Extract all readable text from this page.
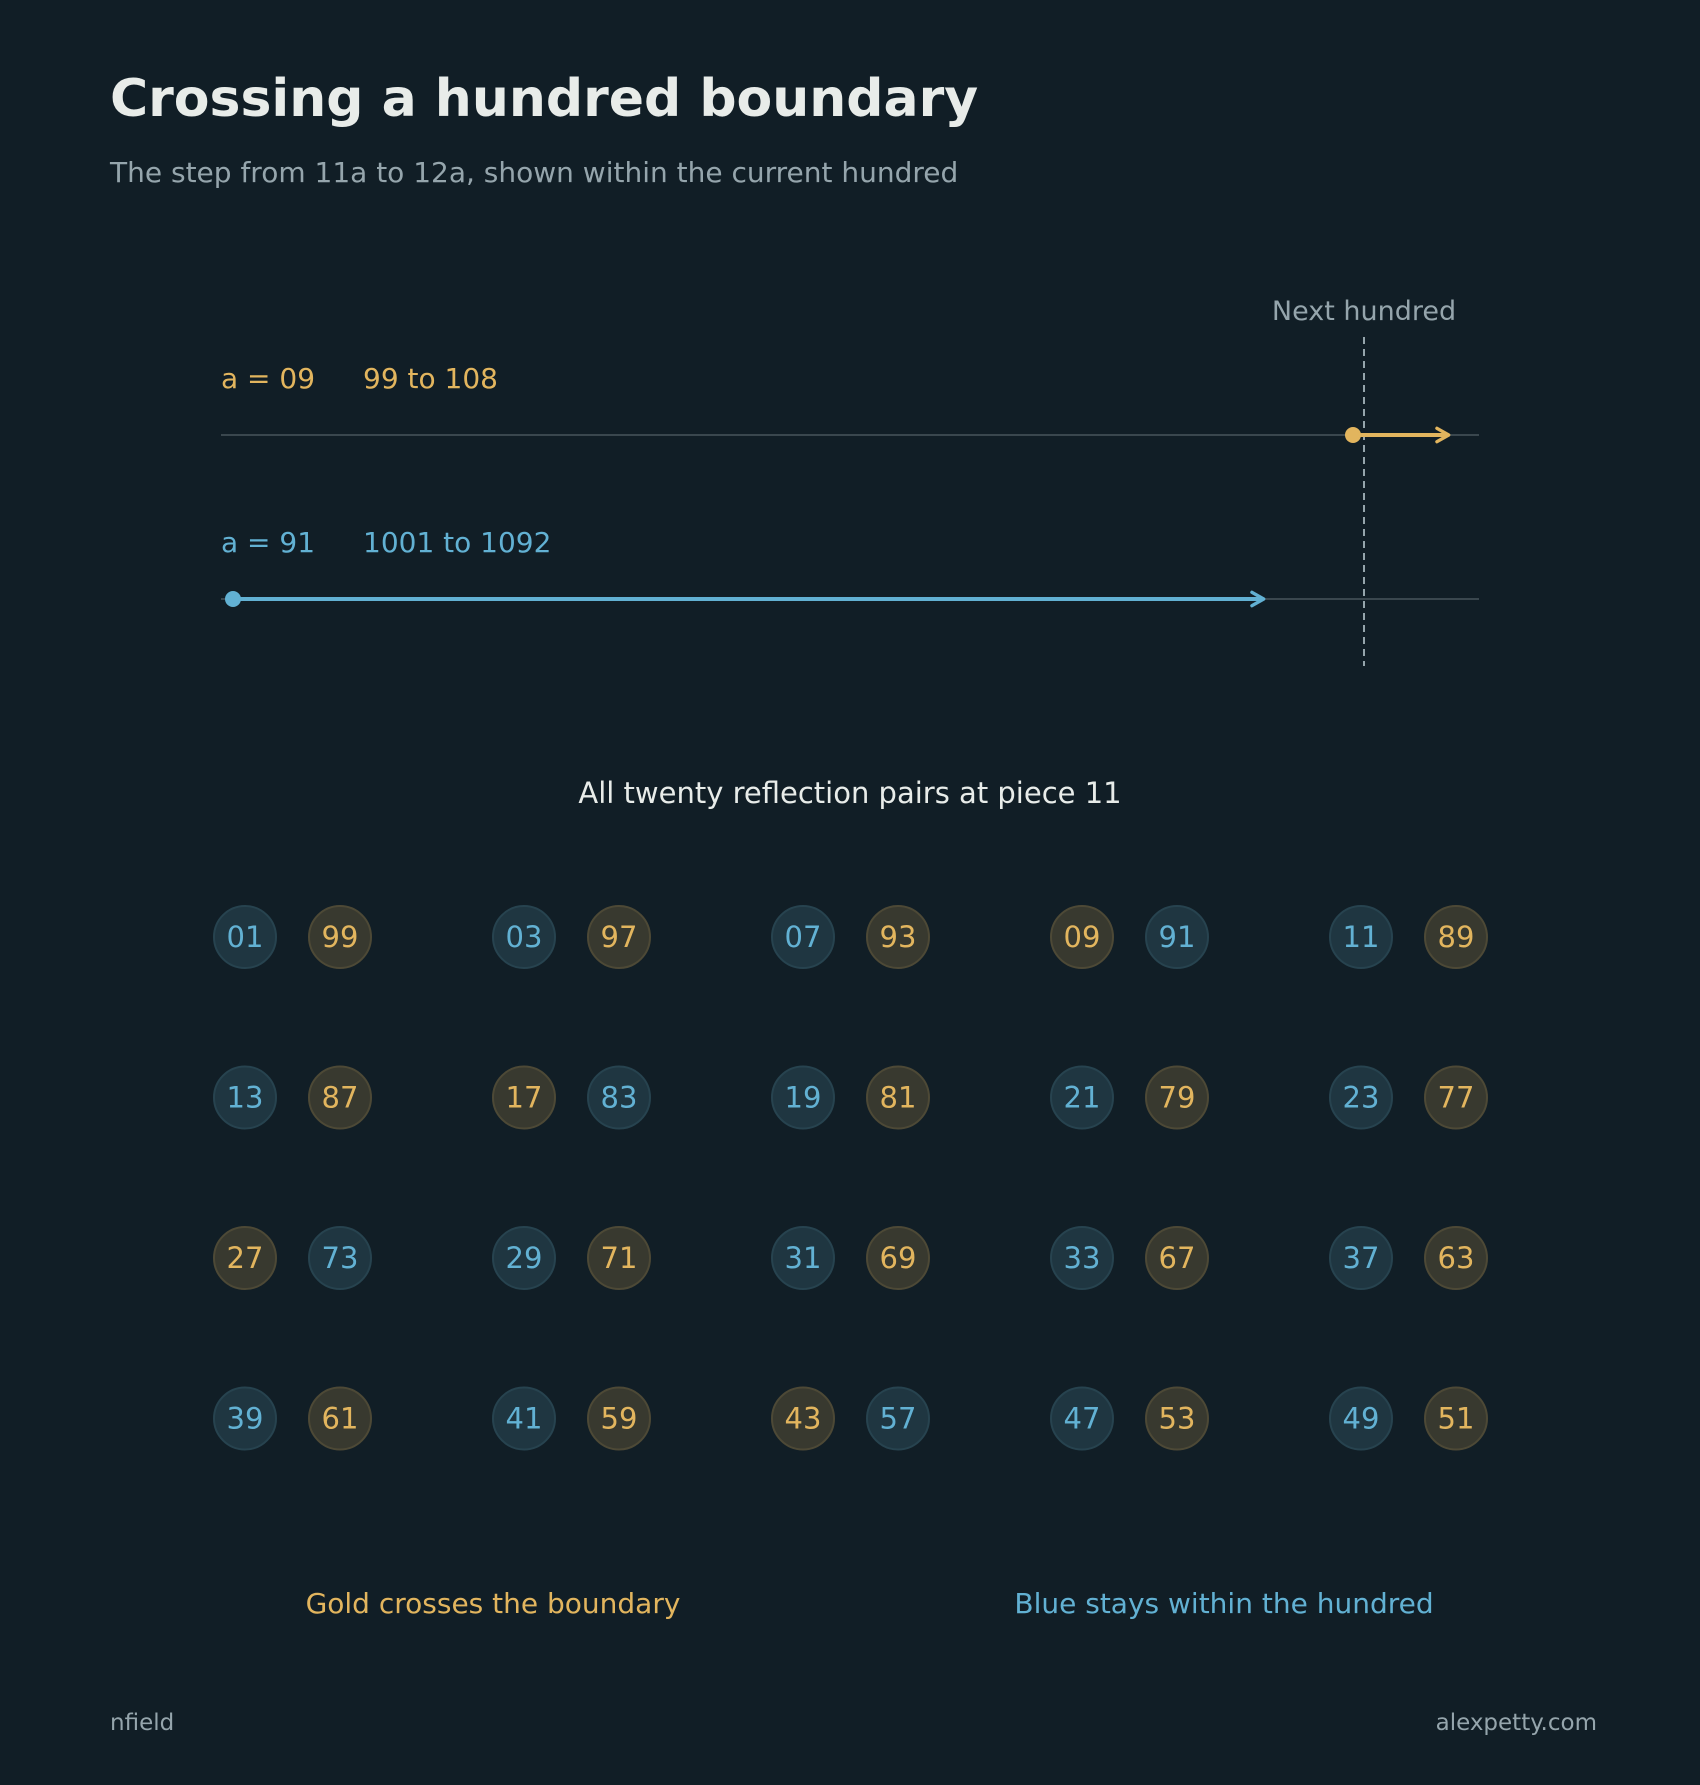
Crossing a hundred boundary

The step from 11a to 12a, shown within the current hundred

Next hundred
a = 09 99 to 108
a = 91 1001 to 1092
All twenty reflection pairs at piece 11
01 99	03 97	07 93	09 91	11 89
13 87	17 83	19 81	21 79	23 77
27 73	29 71	31 69	33 67	37 63
39 61	41 59	43 57	47 53	49 51
Gold crosses the boundary	Blue stays within the hundred
nfield	alexpetty.com
